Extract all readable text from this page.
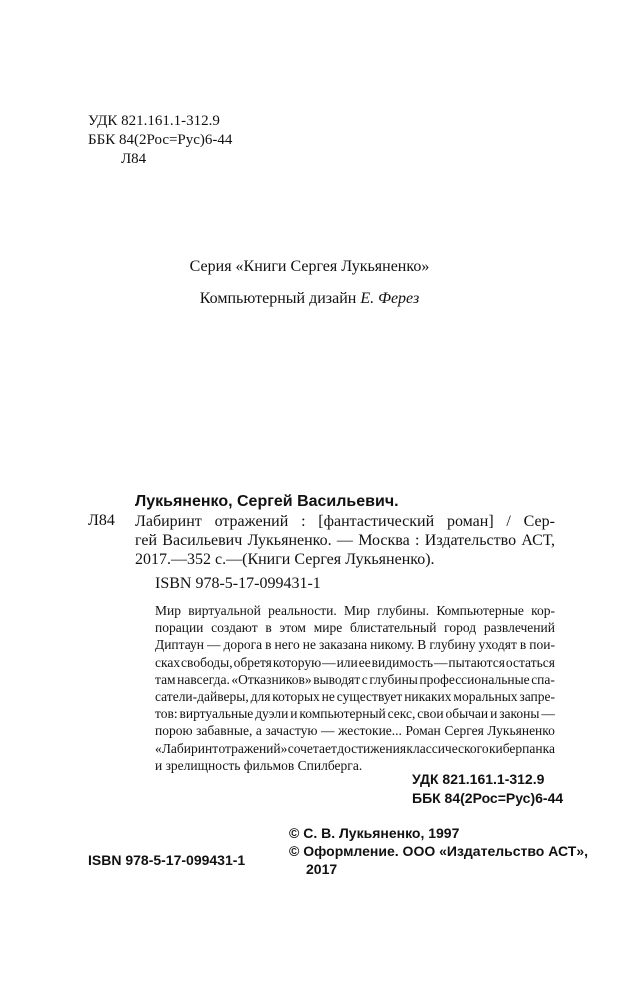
УДК 821.161.1-312.9
ББК 84(2Рос=Рус)6-44
Л84
Серия «Книги Сергея Лукьяненко»
Компьютерный дизайн Е. Ферез
Лукьяненко, Сергей Васильевич.
Л84 Лабиринт отражений : [фантастический роман] / Сер-
гей Васильевич Лукьяненко. — Москва : Издательство АСТ,
2017. — 352 с. — (Книги Сергея Лукьяненко).
ISBN 978-5-17-099431-1
Мир виртуальной реальности. Мир глубины. Компьютерные кор-
порации создают в этом мире блистательный город развлечений
Диптаун — дорога в него не заказана никому. В глубину уходят в пои-
сках свободы, обретя которую — или ее видимость — пытаются остаться
там навсегда. «Отказников» выводят с глубины профессиональные спа-
сатели-дайверы, для которых не существует никаких моральных запре-
тов: виртуальные дуэли и компьютерный секс, свои обычаи и законы —
порою забавные, а зачастую — жестокие... Роман Сергея Лукьяненко
«Лабиринт отражений» сочетает достижения классического киберпанка
и зрелищность фильмов Спилберга.
УДК 821.161.1-312.9
ББК 84(2Рос=Рус)6-44
© С. В. Лукьяненко, 1997
© Оформление. ООО «Издательство АСТ»,
2017
ISBN 978-5-17-099431-1
